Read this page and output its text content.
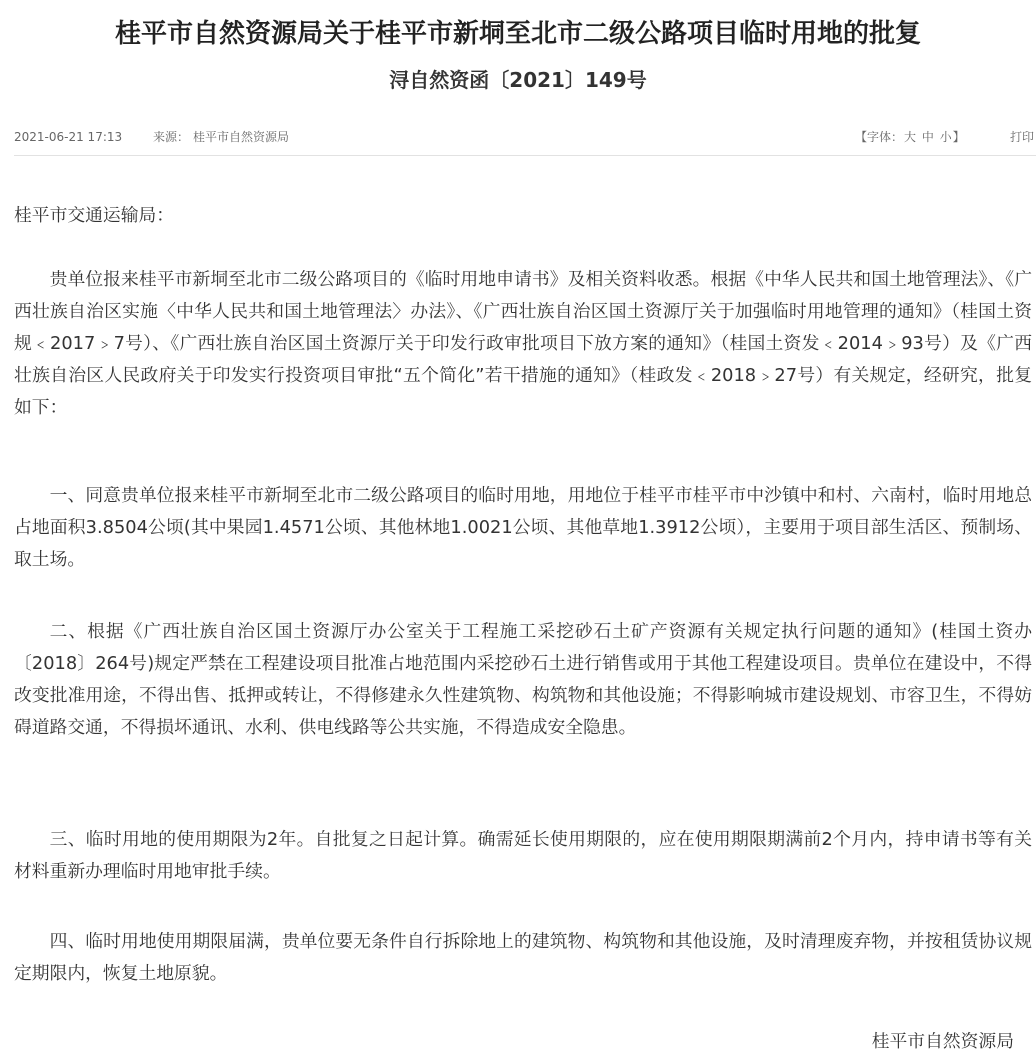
桂平市自然资源局关于桂平市新垌至北市二级公路项目临时用地的批复
浔自然资函〔2021〕149号
2021-06-21 17:13	来源： 桂平市自然资源局	【字体：大 中 小】	打印

桂平市交通运输局：

贵单位报来桂平市新垌至北市二级公路项目的《临时用地申请书》及相关资料收悉。根据《中华人民共和国土地管理法》、《广西壮族自治区实施〈中华人民共和国土地管理法〉办法》、《广西壮族自治区国土资源厅关于加强临时用地管理的通知》（桂国土资规﹤2017﹥7号）、《广西壮族自治区国土资源厅关于印发行政审批项目下放方案的通知》（桂国土资发﹤2014﹥93号）及《广西壮族自治区人民政府关于印发实行投资项目审批“五个简化”若干措施的通知》（桂政发﹤2018﹥27号）有关规定，经研究，批复如下：

一、同意贵单位报来桂平市新垌至北市二级公路项目的临时用地，用地位于桂平市桂平市中沙镇中和村、六南村，临时用地总占地面积3.8504公顷(其中果园1.4571公顷、其他林地1.0021公顷、其他草地1.3912公顷），主要用于项目部生活区、预制场、取土场。

二、根据《广西壮族自治区国土资源厅办公室关于工程施工采挖砂石土矿产资源有关规定执行问题的通知》(桂国土资办〔2018〕264号)规定严禁在工程建设项目批准占地范围内采挖砂石土进行销售或用于其他工程建设项目。贵单位在建设中，不得改变批准用途，不得出售、抵押或转让，不得修建永久性建筑物、构筑物和其他设施；不得影响城市建设规划、市容卫生，不得妨碍道路交通，不得损坏通讯、水利、供电线路等公共实施，不得造成安全隐患。

三、临时用地的使用期限为2年。自批复之日起计算。确需延长使用期限的，应在使用期限期满前2个月内，持申请书等有关材料重新办理临时用地审批手续。

四、临时用地使用期限届满，贵单位要无条件自行拆除地上的建筑物、构筑物和其他设施，及时清理废弃物，并按租赁协议规定期限内，恢复土地原貌。

桂平市自然资源局
